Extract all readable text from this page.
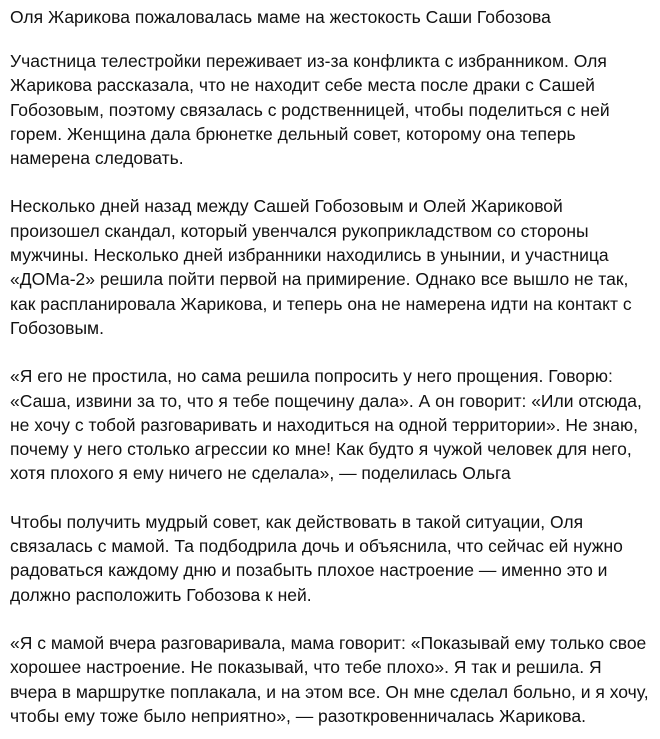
Оля Жарикова пожаловалась маме на жестокость Саши Гобозова

Участница телестройки переживает из-за конфликта с избранником. Оля Жарикова рассказала, что не находит себе места после драки с Сашей Гобозовым, поэтому связалась с родственницей, чтобы поделиться с ней горем. Женщина дала брюнетке дельный совет, которому она теперь намерена следовать.

Несколько дней назад между Сашей Гобозовым и Олей Жариковой произошел скандал, который увенчался рукоприкладством со стороны мужчины. Несколько дней избранники находились в унынии, и участница «ДОМа-2» решила пойти первой на примирение. Однако все вышло не так, как распланировала Жарикова, и теперь она не намерена идти на контакт с Гобозовым.

«Я его не простила, но сама решила попросить у него прощения. Говорю: «Саша, извини за то, что я тебе пощечину дала». А он говорит: «Или отсюда, не хочу с тобой разговаривать и находиться на одной территории». Не знаю, почему у него столько агрессии ко мне! Как будто я чужой человек для него, хотя плохого я ему ничего не сделала», — поделилась Ольга

Чтобы получить мудрый совет, как действовать в такой ситуации, Оля связалась с мамой. Та подбодрила дочь и объяснила, что сейчас ей нужно радоваться каждому дню и позабыть плохое настроение — именно это и должно расположить Гобозова к ней.

«Я с мамой вчера разговаривала, мама говорит: «Показывай ему только свое хорошее настроение. Не показывай, что тебе плохо». Я так и решила. Я вчера в маршрутке поплакала, и на этом все. Он мне сделал больно, и я хочу, чтобы ему тоже было неприятно», — разоткровенничалась Жарикова.
